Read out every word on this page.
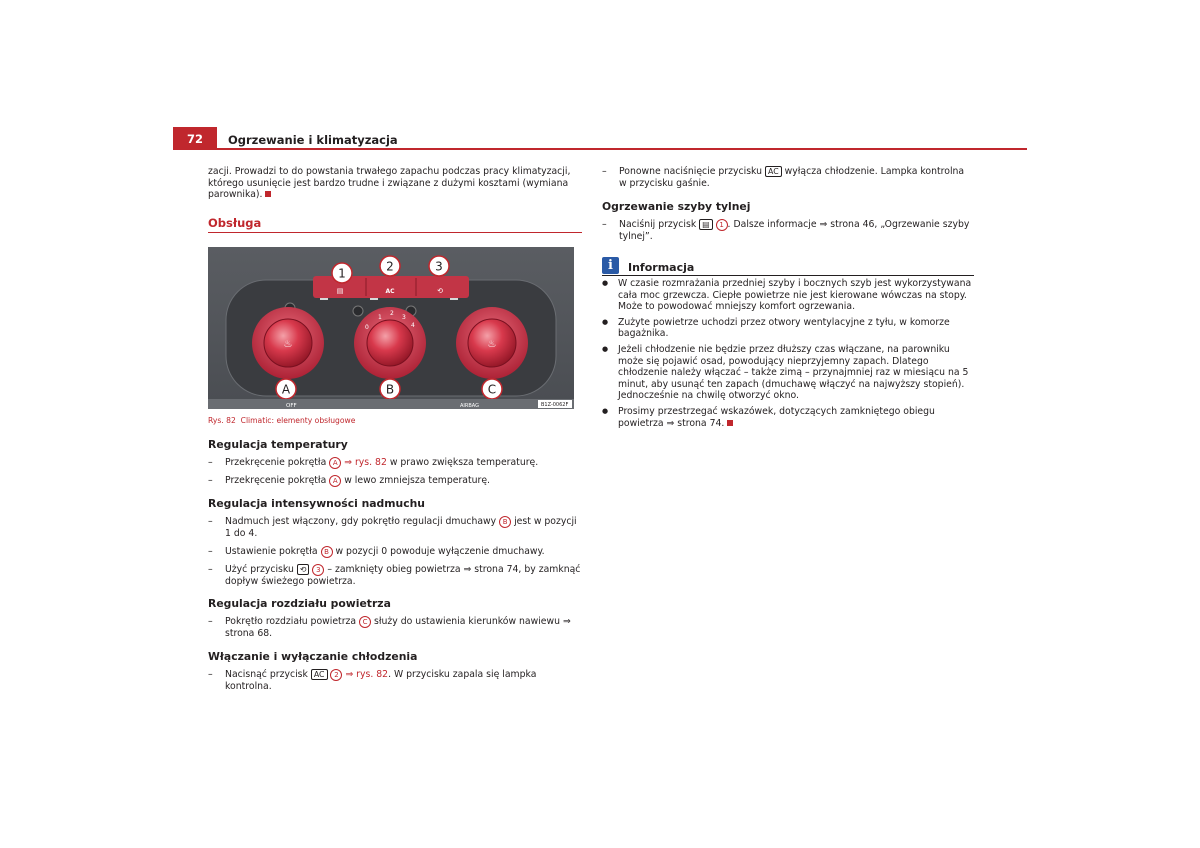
72	Ogrzewanie i klimatyzacja

zacji. Prowadzi to do powstania trwałego zapachu podczas pracy klimatyzacji, którego usunięcie jest bardzo trudne i związane z dużymi kosztami (wymiana parownika).

Obsługa
▤	AC	⟲
♨
1
2
3
4
0
♨
1	2	3
A	B	C
OFF	AIRBAG	B1Z-0062F
Rys. 82 Climatic: elementy obsługowe
Regulacja temperatury

– Przekręcenie pokrętła A ⇒ rys. 82 w prawo zwiększa temperaturę.

– Przekręcenie pokrętła A w lewo zmniejsza temperaturę.

Regulacja intensywności nadmuchu

– Nadmuch jest włączony, gdy pokrętło regulacji dmuchawy B jest w pozycji 1 do 4.

– Ustawienie pokrętła B w pozycji 0 powoduje wyłączenie dmuchawy.

– Użyć przycisku ⟲ 3 – zamknięty obieg powietrza ⇒ strona 74, by zamknąć dopływ świeżego powietrza.

Regulacja rozdziału powietrza

– Pokrętło rozdziału powietrza C służy do ustawienia kierunków nawiewu ⇒ strona 68.

Włączanie i wyłączanie chłodzenia

– Nacisnąć przycisk AC 2 ⇒ rys. 82. W przycisku zapala się lampka kontrolna.

– Ponowne naciśnięcie przycisku AC wyłącza chłodzenie. Lampka kontrolna w przycisku gaśnie.

Ogrzewanie szyby tylnej

– Naciśnij przycisk ▤ 1 . Dalsze informacje ⇒ strona 46, „Ogrzewanie szyby tylnej”.

i	Informacja

● W czasie rozmrażania przedniej szyby i bocznych szyb jest wykorzystywana cała moc grzewcza. Ciepłe powietrze nie jest kierowane wówczas na stopy. Może to powodować mniejszy komfort ogrzewania.

● Zużyte powietrze uchodzi przez otwory wentylacyjne z tyłu, w komorze bagażnika.

● Jeżeli chłodzenie nie będzie przez dłuższy czas włączane, na parowniku może się pojawić osad, powodujący nieprzyjemny zapach. Dlatego chłodzenie należy włączać – także zimą – przynajmniej raz w miesiącu na 5 minut, aby usunąć ten zapach (dmuchawę włączyć na najwyższy stopień). Jednocześnie na chwilę otworzyć okno.

● Prosimy przestrzegać wskazówek, dotyczących zamkniętego obiegu powietrza ⇒ strona 74.
